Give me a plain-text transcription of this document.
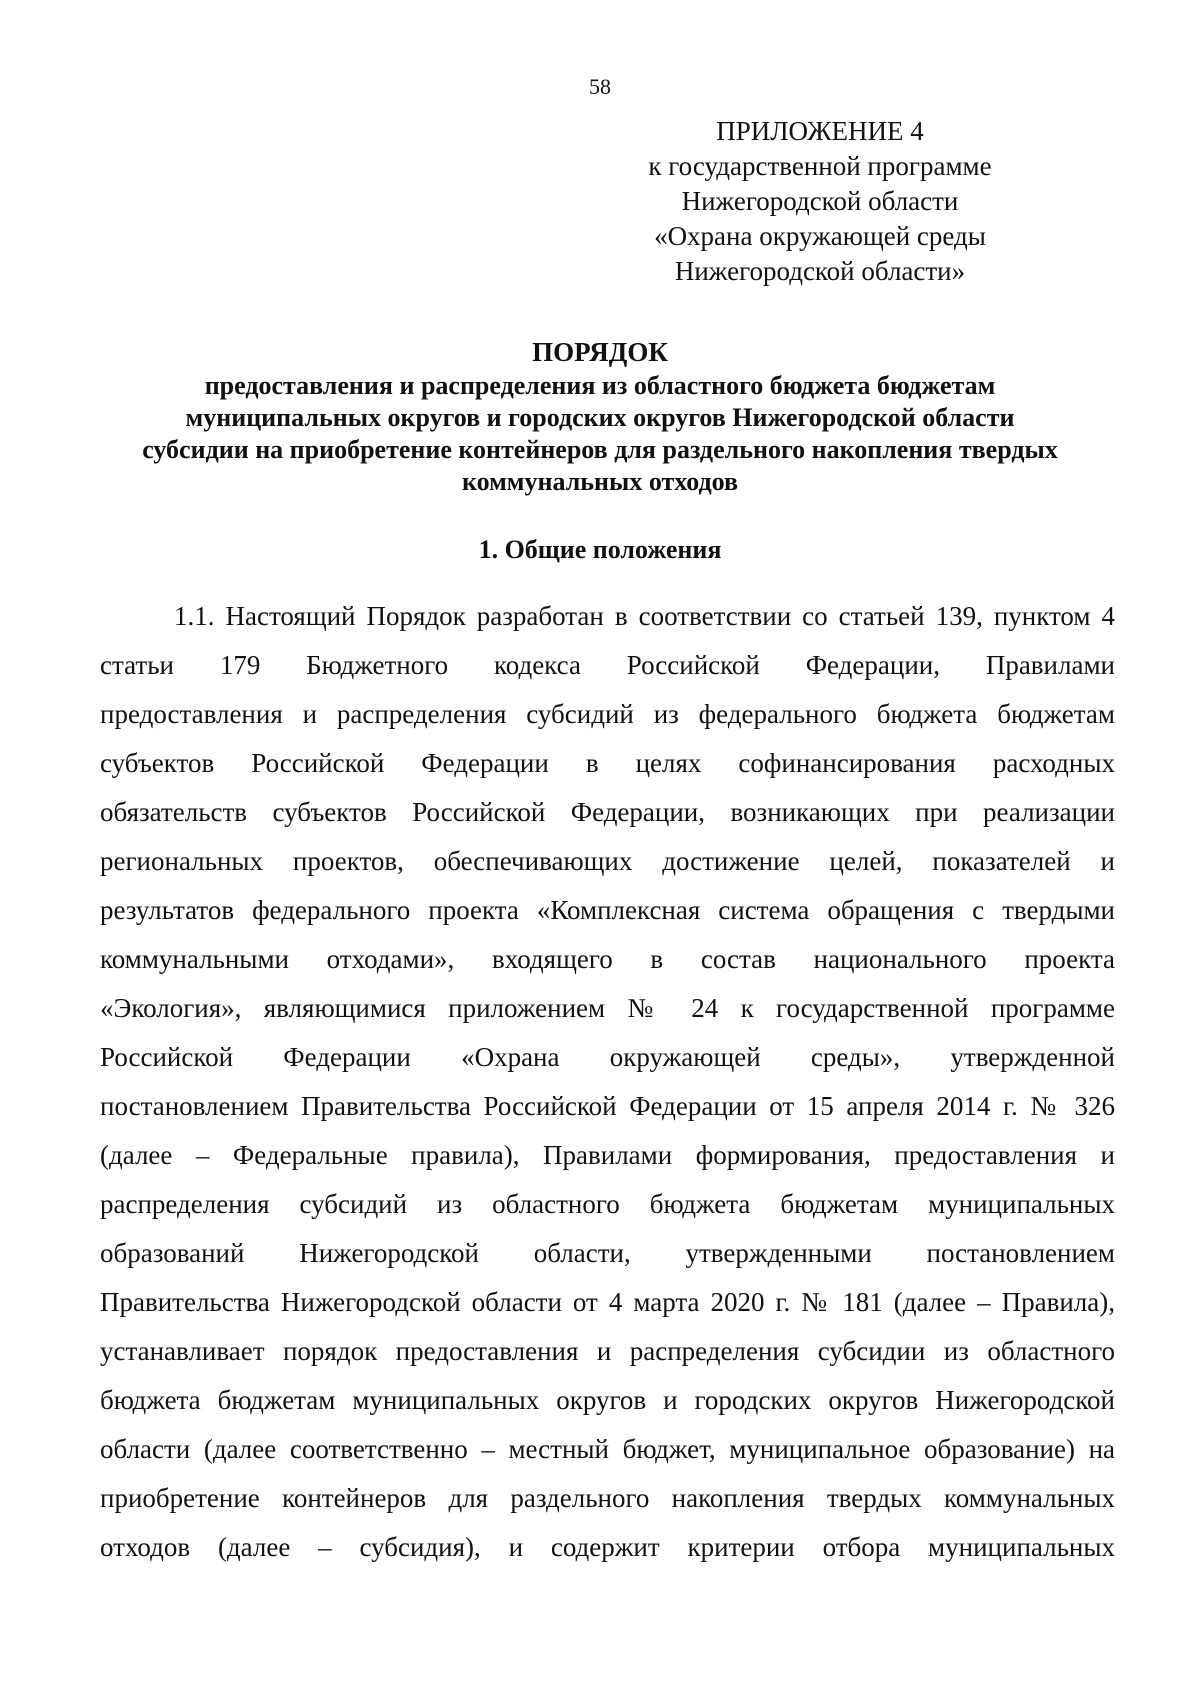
58
ПРИЛОЖЕНИЕ 4
к государственной программе
Нижегородской области
«Охрана окружающей среды
Нижегородской области»
ПОРЯДОК
предоставления и распределения из областного бюджета бюджетам
муниципальных округов и городских округов Нижегородской области
субсидии на приобретение контейнеров для раздельного накопления твердых
коммунальных отходов
1. Общие положения
1.1. Настоящий Порядок разработан в соответствии со статьей 139, пунктом 4
статьи 179 Бюджетного кодекса Российской Федерации, Правилами
предоставления и распределения субсидий из федерального бюджета бюджетам
субъектов Российской Федерации в целях софинансирования расходных
обязательств субъектов Российской Федерации, возникающих при реализации
региональных проектов, обеспечивающих достижение целей, показателей и
результатов федерального проекта «Комплексная система обращения с твердыми
коммунальными отходами», входящего в состав национального проекта
«Экология», являющимися приложением № 24 к государственной программе
Российской Федерации «Охрана окружающей среды», утвержденной
постановлением Правительства Российской Федерации от 15 апреля 2014 г. № 326
(далее – Федеральные правила), Правилами формирования, предоставления и
распределения субсидий из областного бюджета бюджетам муниципальных
образований Нижегородской области, утвержденными постановлением
Правительства Нижегородской области от 4 марта 2020 г. № 181 (далее – Правила),
устанавливает порядок предоставления и распределения субсидии из областного
бюджета бюджетам муниципальных округов и городских округов Нижегородской
области (далее соответственно – местный бюджет, муниципальное образование) на
приобретение контейнеров для раздельного накопления твердых коммунальных
отходов (далее – субсидия), и содержит критерии отбора муниципальных
